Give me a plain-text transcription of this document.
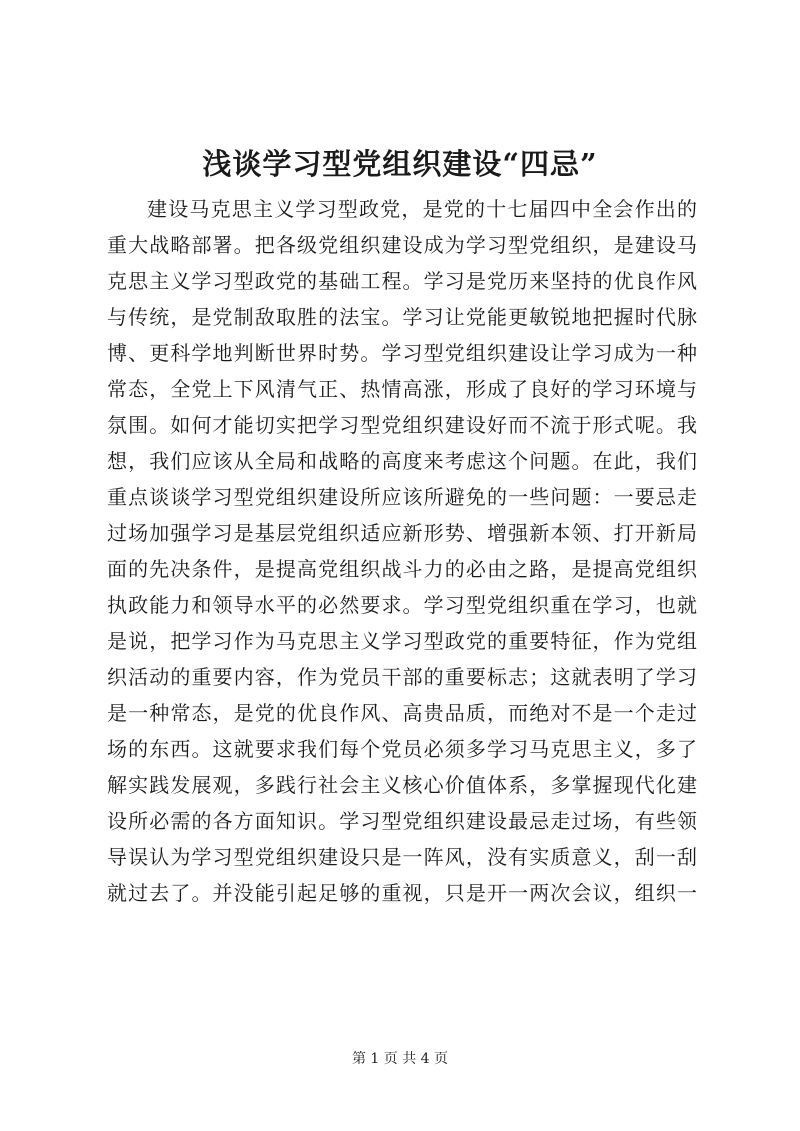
浅谈学习型党组织建设“四忌”
建设马克思主义学习型政党，是党的十七届四中全会作出的
重大战略部署。把各级党组织建设成为学习型党组织，是建设马
克思主义学习型政党的基础工程。学习是党历来坚持的优良作风
与传统，是党制敌取胜的法宝。学习让党能更敏锐地把握时代脉
博、更科学地判断世界时势。学习型党组织建设让学习成为一种
常态，全党上下风清气正、热情高涨，形成了良好的学习环境与
氛围。如何才能切实把学习型党组织建设好而不流于形式呢。我
想，我们应该从全局和战略的高度来考虑这个问题。在此，我们
重点谈谈学习型党组织建设所应该所避免的一些问题：一要忌走
过场加强学习是基层党组织适应新形势、增强新本领、打开新局
面的先决条件，是提高党组织战斗力的必由之路，是提高党组织
执政能力和领导水平的必然要求。学习型党组织重在学习，也就
是说，把学习作为马克思主义学习型政党的重要特征，作为党组
织活动的重要内容，作为党员干部的重要标志；这就表明了学习
是一种常态，是党的优良作风、高贵品质，而绝对不是一个走过
场的东西。这就要求我们每个党员必须多学习马克思主义，多了
解实践发展观，多践行社会主义核心价值体系，多掌握现代化建
设所必需的各方面知识。学习型党组织建设最忌走过场，有些领
导误认为学习型党组织建设只是一阵风，没有实质意义，刮一刮
就过去了。并没能引起足够的重视，只是开一两次会议，组织一
第 1 页 共 4 页
